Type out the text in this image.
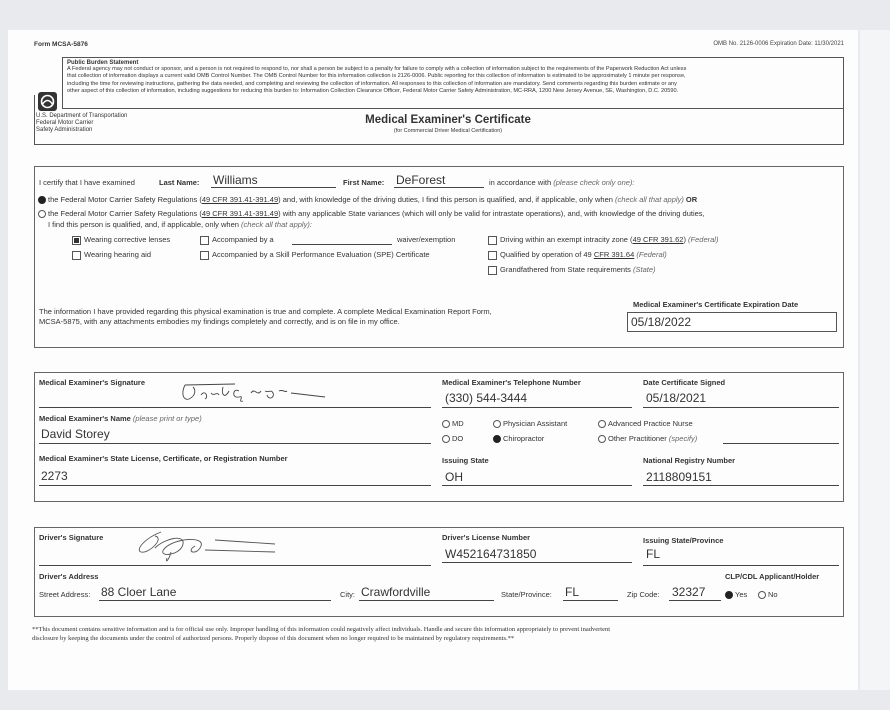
Form MCSA-5876	OMB No. 2126-0006 Expiration Date: 11/30/2021
Public Burden Statement
A Federal agency may not conduct or sponsor, and a person is not required to respond to, nor shall a person be subject to a penalty for failure to comply with a collection of information subject to the requirements of the Paperwork Reduction Act unless
that collection of information displays a current valid OMB Control Number. The OMB Control Number for this information collection is 2126-0006. Public reporting for this collection of information is estimated to be approximately 1 minute per response,
including the time for reviewing instructions, gathering the data needed, and completing and reviewing the collection of information. All responses to this collection of information are mandatory. Send comments regarding this burden estimate or any
other aspect of this collection of information, including suggestions for reducing this burden to: Information Collection Clearance Officer, Federal Motor Carrier Safety Administration, MC-RRA, 1200 New Jersey Avenue, SE, Washington, D.C. 20590.
U.S. Department of Transportation
Federal Motor Carrier
Safety Administration
Medical Examiner's Certificate
(for Commercial Driver Medical Certification)
I certify that I have examined	Last Name: Williams	First Name: DeForest	in accordance with (please check only one):
the Federal Motor Carrier Safety Regulations (49 CFR 391.41-391.49) and, with knowledge of the driving duties, I find this person is qualified, and, if applicable, only when (check all that apply) OR
the Federal Motor Carrier Safety Regulations (49 CFR 391.41-391.49) with any applicable State variances (which will only be valid for intrastate operations), and, with knowledge of the driving duties,
I find this person is qualified, and, if applicable, only when (check all that apply):
Wearing corrective lenses
Wearing hearing aid
Accompanied by a	waiver/exemption
Accompanied by a Skill Performance Evaluation (SPE) Certificate
Driving within an exempt intracity zone (49 CFR 391.62) (Federal)
Qualified by operation of 49 CFR 391.64 (Federal)
Grandfathered from State requirements (State)
The information I have provided regarding this physical examination is true and complete. A complete Medical Examination Report Form,
MCSA-5875, with any attachments embodies my findings completely and correctly, and is on file in my office.
Medical Examiner's Certificate Expiration Date
05/18/2022
Medical Examiner's Signature
Medical Examiner's Name (please print or type)
David Storey
Medical Examiner's State License, Certificate, or Registration Number
2273
Medical Examiner's Telephone Number
(330) 544-3444
Date Certificate Signed
05/18/2021
MD
DO
Physician Assistant
Chiropractor
Advanced Practice Nurse
Other Practitioner (specify)
Issuing State
OH
National Registry Number
2118809151
Driver's Signature
Driver's Address
Street Address: 88 Cloer Lane	City: Crawfordville	State/Province: FL	Zip Code: 32327
Driver's License Number
W452164731850
Issuing State/Province
FL
CLP/CDL Applicant/Holder
Yes	No
**This document contains sensitive information and is for official use only. Improper handling of this information could negatively affect individuals. Handle and secure this information appropriately to prevent inadvertent
disclosure by keeping the documents under the control of authorized persons. Properly dispose of this document when no longer required to be maintained by regulatory requirements.**
